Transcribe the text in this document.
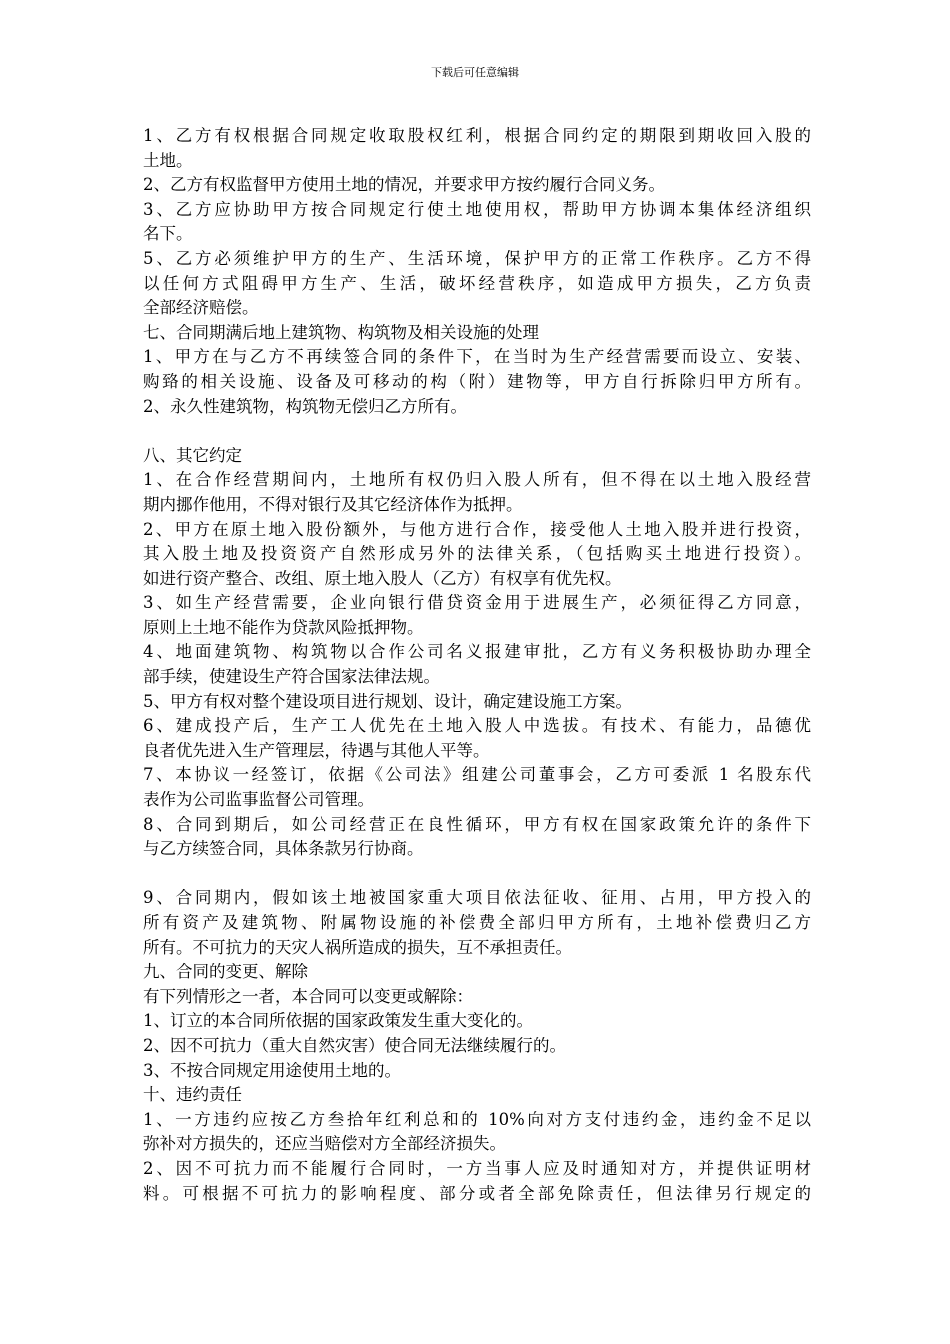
下载后可任意编辑
1、乙方有权根据合同规定收取股权红利，根据合同约定的期限到期收回入股的
土地。
2、乙方有权监督甲方使用土地的情况，并要求甲方按约履行合同义务。
3、乙方应协助甲方按合同规定行使土地使用权，帮助甲方协调本集体经济组织
名下。
5、乙方必须维护甲方的生产、生活环境，保护甲方的正常工作秩序。乙方不得
以任何方式阻碍甲方生产、生活，破坏经营秩序，如造成甲方损失，乙方负责
全部经济赔偿。
七、合同期满后地上建筑物、构筑物及相关设施的处理
1、甲方在与乙方不再续签合同的条件下，在当时为生产经营需要而设立、安装、
购臵的相关设施、设备及可移动的构（附）建物等，甲方自行拆除归甲方所有。
2、永久性建筑物，构筑物无偿归乙方所有。
八、其它约定
1、在合作经营期间内，土地所有权仍归入股人所有，但不得在以土地入股经营
期内挪作他用，不得对银行及其它经济体作为抵押。
2、甲方在原土地入股份额外，与他方进行合作，接受他人土地入股并进行投资，
其入股土地及投资资产自然形成另外的法律关系，（包括购买土地进行投资）。
如进行资产整合、改组、原土地入股人（乙方）有权享有优先权。
3、如生产经营需要，企业向银行借贷资金用于进展生产，必须征得乙方同意，
原则上土地不能作为贷款风险抵押物。
4、地面建筑物、构筑物以合作公司名义报建审批，乙方有义务积极协助办理全
部手续，使建设生产符合国家法律法规。
5、甲方有权对整个建设项目进行规划、设计，确定建设施工方案。
6、建成投产后，生产工人优先在土地入股人中选拔。有技术、有能力，品德优
良者优先进入生产管理层，待遇与其他人平等。
7、本协议一经签订，依据《公司法》组建公司董事会，乙方可委派 1 名股东代
表作为公司监事监督公司管理。
8、合同到期后，如公司经营正在良性循环，甲方有权在国家政策允许的条件下
与乙方续签合同，具体条款另行协商。
9、合同期内，假如该土地被国家重大项目依法征收、征用、占用，甲方投入的
所有资产及建筑物、附属物设施的补偿费全部归甲方所有，土地补偿费归乙方
所有。不可抗力的天灾人祸所造成的损失，互不承担责任。
九、合同的变更、解除
有下列情形之一者，本合同可以变更或解除：
1、订立的本合同所依据的国家政策发生重大变化的。
2、因不可抗力（重大自然灾害）使合同无法继续履行的。
3、不按合同规定用途使用土地的。
十、违约责任
1、一方违约应按乙方叁拾年红利总和的 10%向对方支付违约金，违约金不足以
弥补对方损失的，还应当赔偿对方全部经济损失。
2、因不可抗力而不能履行合同时，一方当事人应及时通知对方，并提供证明材
料。可根据不可抗力的影响程度、部分或者全部免除责任，但法律另行规定的
